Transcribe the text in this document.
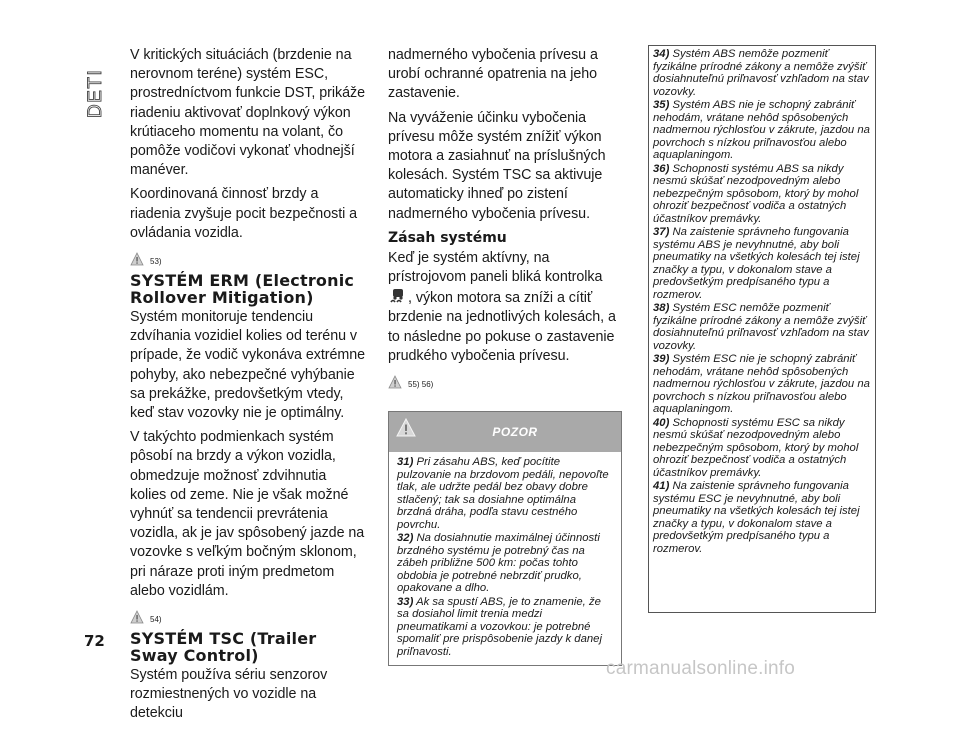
DETI

V kritických situáciách (brzdenie na nerovnom teréne) systém ESC, prostredníctvom funkcie DST, prikáže riadeniu aktivovať doplnkový výkon krútiaceho momentu na volant, čo pomôže vodičovi vykonať vhodnejší manéver.

Koordinovaná činnosť brzdy a riadenia zvyšuje pocit bezpečnosti a ovládania vozidla.

53)
SYSTÉM ERM (Electronic Rollover Mitigation)

Systém monitoruje tendenciu zdvíhania vozidiel kolies od terénu v prípade, že vodič vykonáva extrémne pohyby, ako nebezpečné vyhýbanie sa prekážke, predovšetkým vtedy, keď stav vozovky nie je optimálny.

V takýchto podmienkach systém pôsobí na brzdy a výkon vozidla, obmedzuje možnosť zdvihnutia kolies od zeme. Nie je však možné vyhnúť sa tendencii prevrátenia vozidla, ak je jav spôsobený jazde na vozovke s veľkým bočným sklonom, pri náraze proti iným predmetom alebo vozidlám.

54)
SYSTÉM TSC (Trailer Sway Control)

Systém používa sériu senzorov rozmiestnených vo vozidle na detekciu

nadmerného vybočenia prívesu a urobí ochranné opatrenia na jeho zastavenie.

Na vyváženie účinku vybočenia prívesu môže systém znížiť výkon motora a zasiahnuť na príslušných kolesách. Systém TSC sa aktivuje automaticky ihneď po zistení nadmerného vybočenia prívesu.

Zásah systému

Keď je systém aktívny, na prístrojovom paneli bliká kontrolka , výkon motora sa zníži a cítiť brzdenie na jednotlivých kolesách, a to následne po pokuse o zastavenie prudkého vybočenia prívesu.

55) 56)
POZOR

31) Pri zásahu ABS, keď pocítite pulzovanie na brzdovom pedáli, nepovoľte tlak, ale udržte pedál bez obavy dobre stlačený; tak sa dosiahne optimálna brzdná dráha, podľa stavu cestného povrchu.

32) Na dosiahnutie maximálnej účinnosti brzdného systému je potrebný čas na zábeh približne 500 km: počas tohto obdobia je potrebné nebrzdiť prudko, opakovane a dlho.

33) Ak sa spustí ABS, je to znamenie, že sa dosiahol limit trenia medzi pneumatikami a vozovkou: je potrebné spomaliť pre prispôsobenie jazdy k danej priľnavosti.

34) Systém ABS nemôže pozmeniť fyzikálne prírodné zákony a nemôže zvýšiť dosiahnuteľnú priľnavosť vzhľadom na stav vozovky.

35) Systém ABS nie je schopný zabrániť nehodám, vrátane nehôd spôsobených nadmernou rýchlosťou v zákrute, jazdou na povrchoch s nízkou priľnavosťou alebo aquaplaningom.

36) Schopnosti systému ABS sa nikdy nesmú skúšať nezodpovedným alebo nebezpečným spôsobom, ktorý by mohol ohroziť bezpečnosť vodiča a ostatných účastníkov premávky.

37) Na zaistenie správneho fungovania systému ABS je nevyhnutné, aby boli pneumatiky na všetkých kolesách tej istej značky a typu, v dokonalom stave a predovšetkým predpísaného typu a rozmerov.

38) Systém ESC nemôže pozmeniť fyzikálne prírodné zákony a nemôže zvýšiť dosiahnuteľnú priľnavosť vzhľadom na stav vozovky.

39) Systém ESC nie je schopný zabrániť nehodám, vrátane nehôd spôsobených nadmernou rýchlosťou v zákrute, jazdou na povrchoch s nízkou priľnavosťou alebo aquaplaningom.

40) Schopnosti systému ESC sa nikdy nesmú skúšať nezodpovedným alebo nebezpečným spôsobom, ktorý by mohol ohroziť bezpečnosť vodiča a ostatných účastníkov premávky.

41) Na zaistenie správneho fungovania systému ESC je nevyhnutné, aby boli pneumatiky na všetkých kolesách tej istej značky a typu, v dokonalom stave a predovšetkým predpísaného typu a rozmerov.

72
carmanualsonline.info
